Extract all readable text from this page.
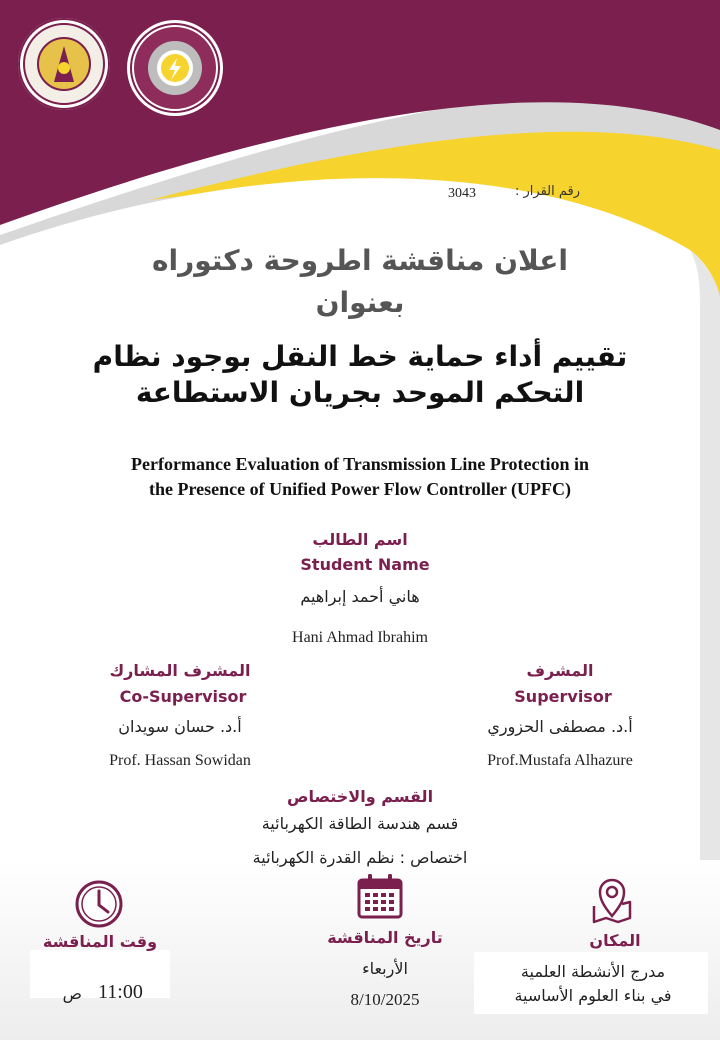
رقم القرار :
3043
اعلان مناقشة اطروحة دكتوراه
بعنوان
تقييم أداء حماية خط النقل بوجود نظام
التحكم الموحد بجريان الاستطاعة
Performance Evaluation of Transmission Line Protection in
the Presence of Unified Power Flow Controller (UPFC)
اسم الطالب
Student Name
هاني أحمد إبراهيم
Hani Ahmad Ibrahim
المشرف
Supervisor
أ.د. مصطفى الحزوري
Prof.Mustafa Alhazure
المشرف المشارك
Co-Supervisor
أ.د. حسان سويدان
Prof. Hassan Sowidan
القسم والاختصاص
قسم هندسة الطاقة الكهربائية
اختصاص : نظم القدرة الكهربائية
المكان
مدرج الأنشطة العلمية
في بناء العلوم الأساسية
تاريخ المناقشة
الأربعاء
8/10/2025
وقت المناقشة
11:00
ص
